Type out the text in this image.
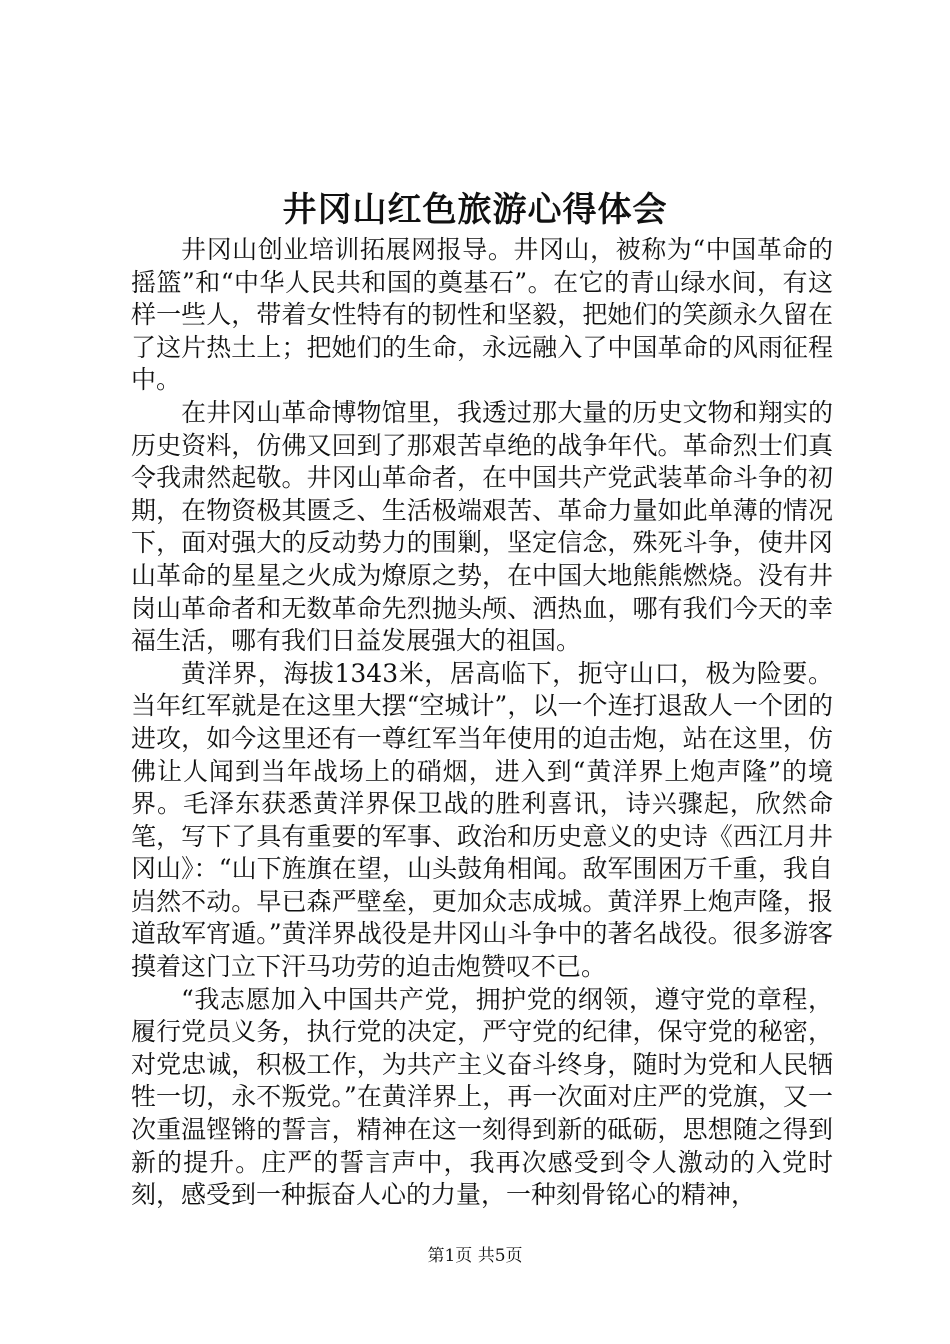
井冈山红色旅游心得体会

井冈山创业培训拓展网报导。井冈山，被称为“中国革命的摇篮”和“中华人民共和国的奠基石”。在它的青山绿水间，有这样一些人，带着女性特有的韧性和坚毅，把她们的笑颜永久留在了这片热土上；把她们的生命，永远融入了中国革命的风雨征程中。

在井冈山革命博物馆里，我透过那大量的历史文物和翔实的历史资料，仿佛又回到了那艰苦卓绝的战争年代。革命烈士们真令我肃然起敬。井冈山革命者，在中国共产党武装革命斗争的初期，在物资极其匮乏、生活极端艰苦、革命力量如此单薄的情况下，面对强大的反动势力的围剿，坚定信念，殊死斗争，使井冈山革命的星星之火成为燎原之势，在中国大地熊熊燃烧。没有井岗山革命者和无数革命先烈抛头颅、洒热血，哪有我们今天的幸福生活，哪有我们日益发展强大的祖国。

黄洋界，海拔1343米，居高临下，扼守山口，极为险要。当年红军就是在这里大摆“空城计”，以一个连打退敌人一个团的进攻，如今这里还有一尊红军当年使用的迫击炮，站在这里，仿佛让人闻到当年战场上的硝烟，进入到“黄洋界上炮声隆”的境界。毛泽东获悉黄洋界保卫战的胜利喜讯，诗兴骤起，欣然命笔，写下了具有重要的军事、政治和历史意义的史诗《西江月井冈山》：“山下旌旗在望，山头鼓角相闻。敌军围困万千重，我自岿然不动。早已森严壁垒，更加众志成城。黄洋界上炮声隆，报道敌军宵遁。”黄洋界战役是井冈山斗争中的著名战役。很多游客摸着这门立下汗马功劳的迫击炮赞叹不已。

“我志愿加入中国共产党，拥护党的纲领，遵守党的章程，履行党员义务，执行党的决定，严守党的纪律，保守党的秘密，对党忠诚，积极工作，为共产主义奋斗终身，随时为党和人民牺牲一切，永不叛党。”在黄洋界上，再一次面对庄严的党旗，又一次重温铿锵的誓言，精神在这一刻得到新的砥砺，思想随之得到新的提升。庄严的誓言声中，我再次感受到令人激动的入党时刻，感受到一种振奋人心的力量，一种刻骨铭心的精神，

第1页 共5页
